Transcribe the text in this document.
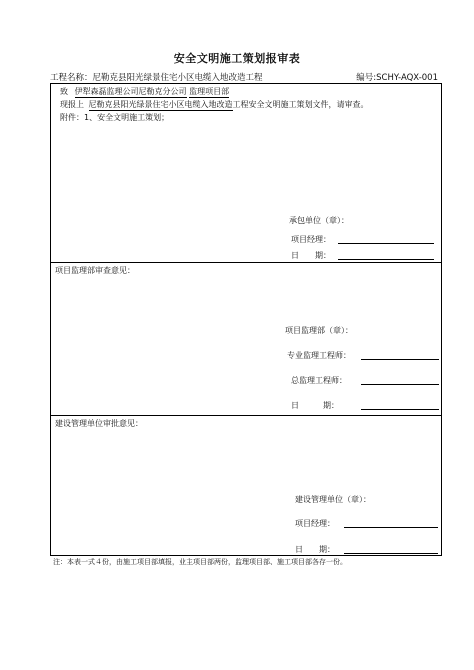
安全文明施工策划报审表
工程名称：尼勒克县阳光绿景住宅小区电缆入地改造工程	编号:SCHY-AQX-001
致 伊犁森磊监理公司尼勒克分公司 监理项目部
现报上 尼勒克县阳光绿景住宅小区电缆入地改造工程安全文明施工策划文件，请审查。
附件：1、安全文明施工策划；
承包单位（章）：
项目经理：
日　　期：
项目监理部审查意见：
项目监理部（章）：
专业监理工程师：
总监理工程师：
日　　　期：
建设管理单位审批意见：
建设管理单位（章）：
项目经理：
日　　期：
注：本表一式４份，由施工项目部填报，业主项目部两份，监理项目部、施工项目部各存一份。
